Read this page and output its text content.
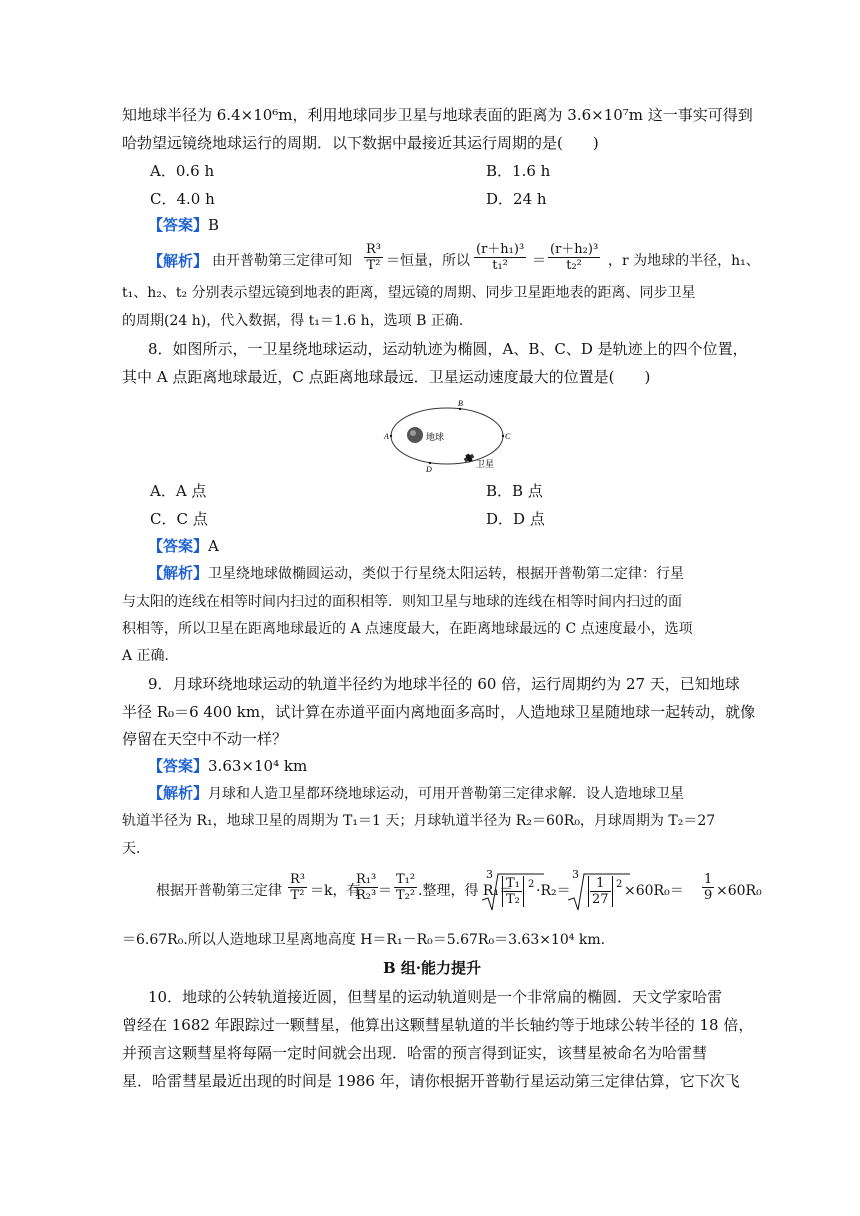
知地球半径为 6.4×10⁶m，利用地球同步卫星与地球表面的距离为 3.6×10⁷m 这一事实可得到
哈勃望远镜绕地球运行的周期．以下数据中最接近其运行周期的是(　　)
A．0.6 h	B．1.6 h
C．4.0 h	D．24 h
【答案】B
【解析】 由开普勒第三定律可知 $\frac{\text{R³}}{\text{T²}}$ ＝恒量，所以 $\frac{\text{(r＋h₁)³}}{\text{t₁²}} = \frac{\text{(r＋h₂)³}}{\text{t₂²}}$ ，r 为地球的半径，h₁、
t₁、h₂、t₂ 分别表示望远镜到地表的距离，望远镜的周期、同步卫星距地表的距离、同步卫星
的周期(24 h)，代入数据，得 t₁＝1.6 h，选项 B 正确．
8．如图所示，一卫星绕地球运动，运动轨迹为椭圆，A、B、C、D 是轨迹上的四个位置，
其中 A 点距离地球最近，C 点距离地球最远．卫星运动速度最大的位置是(　　)
地球
A
B
C
D
卫星
A．A 点	B．B 点
C．C 点	D．D 点
【答案】A
【解析】卫星绕地球做椭圆运动，类似于行星绕太阳运转，根据开普勒第二定律：行星
与太阳的连线在相等时间内扫过的面积相等．则知卫星与地球的连线在相等时间内扫过的面
积相等，所以卫星在距离地球最近的 A 点速度最大，在距离地球最远的 C 点速度最小，选项
A 正确．
9．月球环绕地球运动的轨道半径约为地球半径的 60 倍，运行周期约为 27 天，已知地球
半径 R₀＝6 400 km，试计算在赤道平面内离地面多高时，人造地球卫星随地球一起转动，就像
停留在天空中不动一样？
【答案】3.63×10⁴ km
【解析】月球和人造卫星都环绕地球运动，可用开普勒第三定律求解．设人造地球卫星
轨道半径为 R₁，地球卫星的周期为 T₁＝1 天；月球轨道半径为 R₂＝60R₀，月球周期为 T₂＝27
天．
根据开普勒第三定律 $\frac{\text{R³}}{\text{T²}} =k$，有
$\frac{\text{R₁³}}{\text{R₂³}} = \frac{\text{T₁²}}{\text{T₂²}}$ .整理，得 R₁＝
3
$\frac{\text{T₁}}{\text{T₂}} 2 \cdot R_2=$
3
$\frac{1}{27} 2 \times 60R_0= \frac{1}{9} \times 60R_0$
＝6.67R₀.所以人造地球卫星离地高度 H＝R₁－R₀＝5.67R₀＝3.63×10⁴ km.
B 组·能力提升
10．地球的公转轨道接近圆，但彗星的运动轨道则是一个非常扁的椭圆．天文学家哈雷
曾经在 1682 年跟踪过一颗彗星，他算出这颗彗星轨道的半长轴约等于地球公转半径的 18 倍，
并预言这颗彗星将每隔一定时间就会出现．哈雷的预言得到证实，该彗星被命名为哈雷彗
星．哈雷彗星最近出现的时间是 1986 年，请你根据开普勒行星运动第三定律估算，它下次飞
